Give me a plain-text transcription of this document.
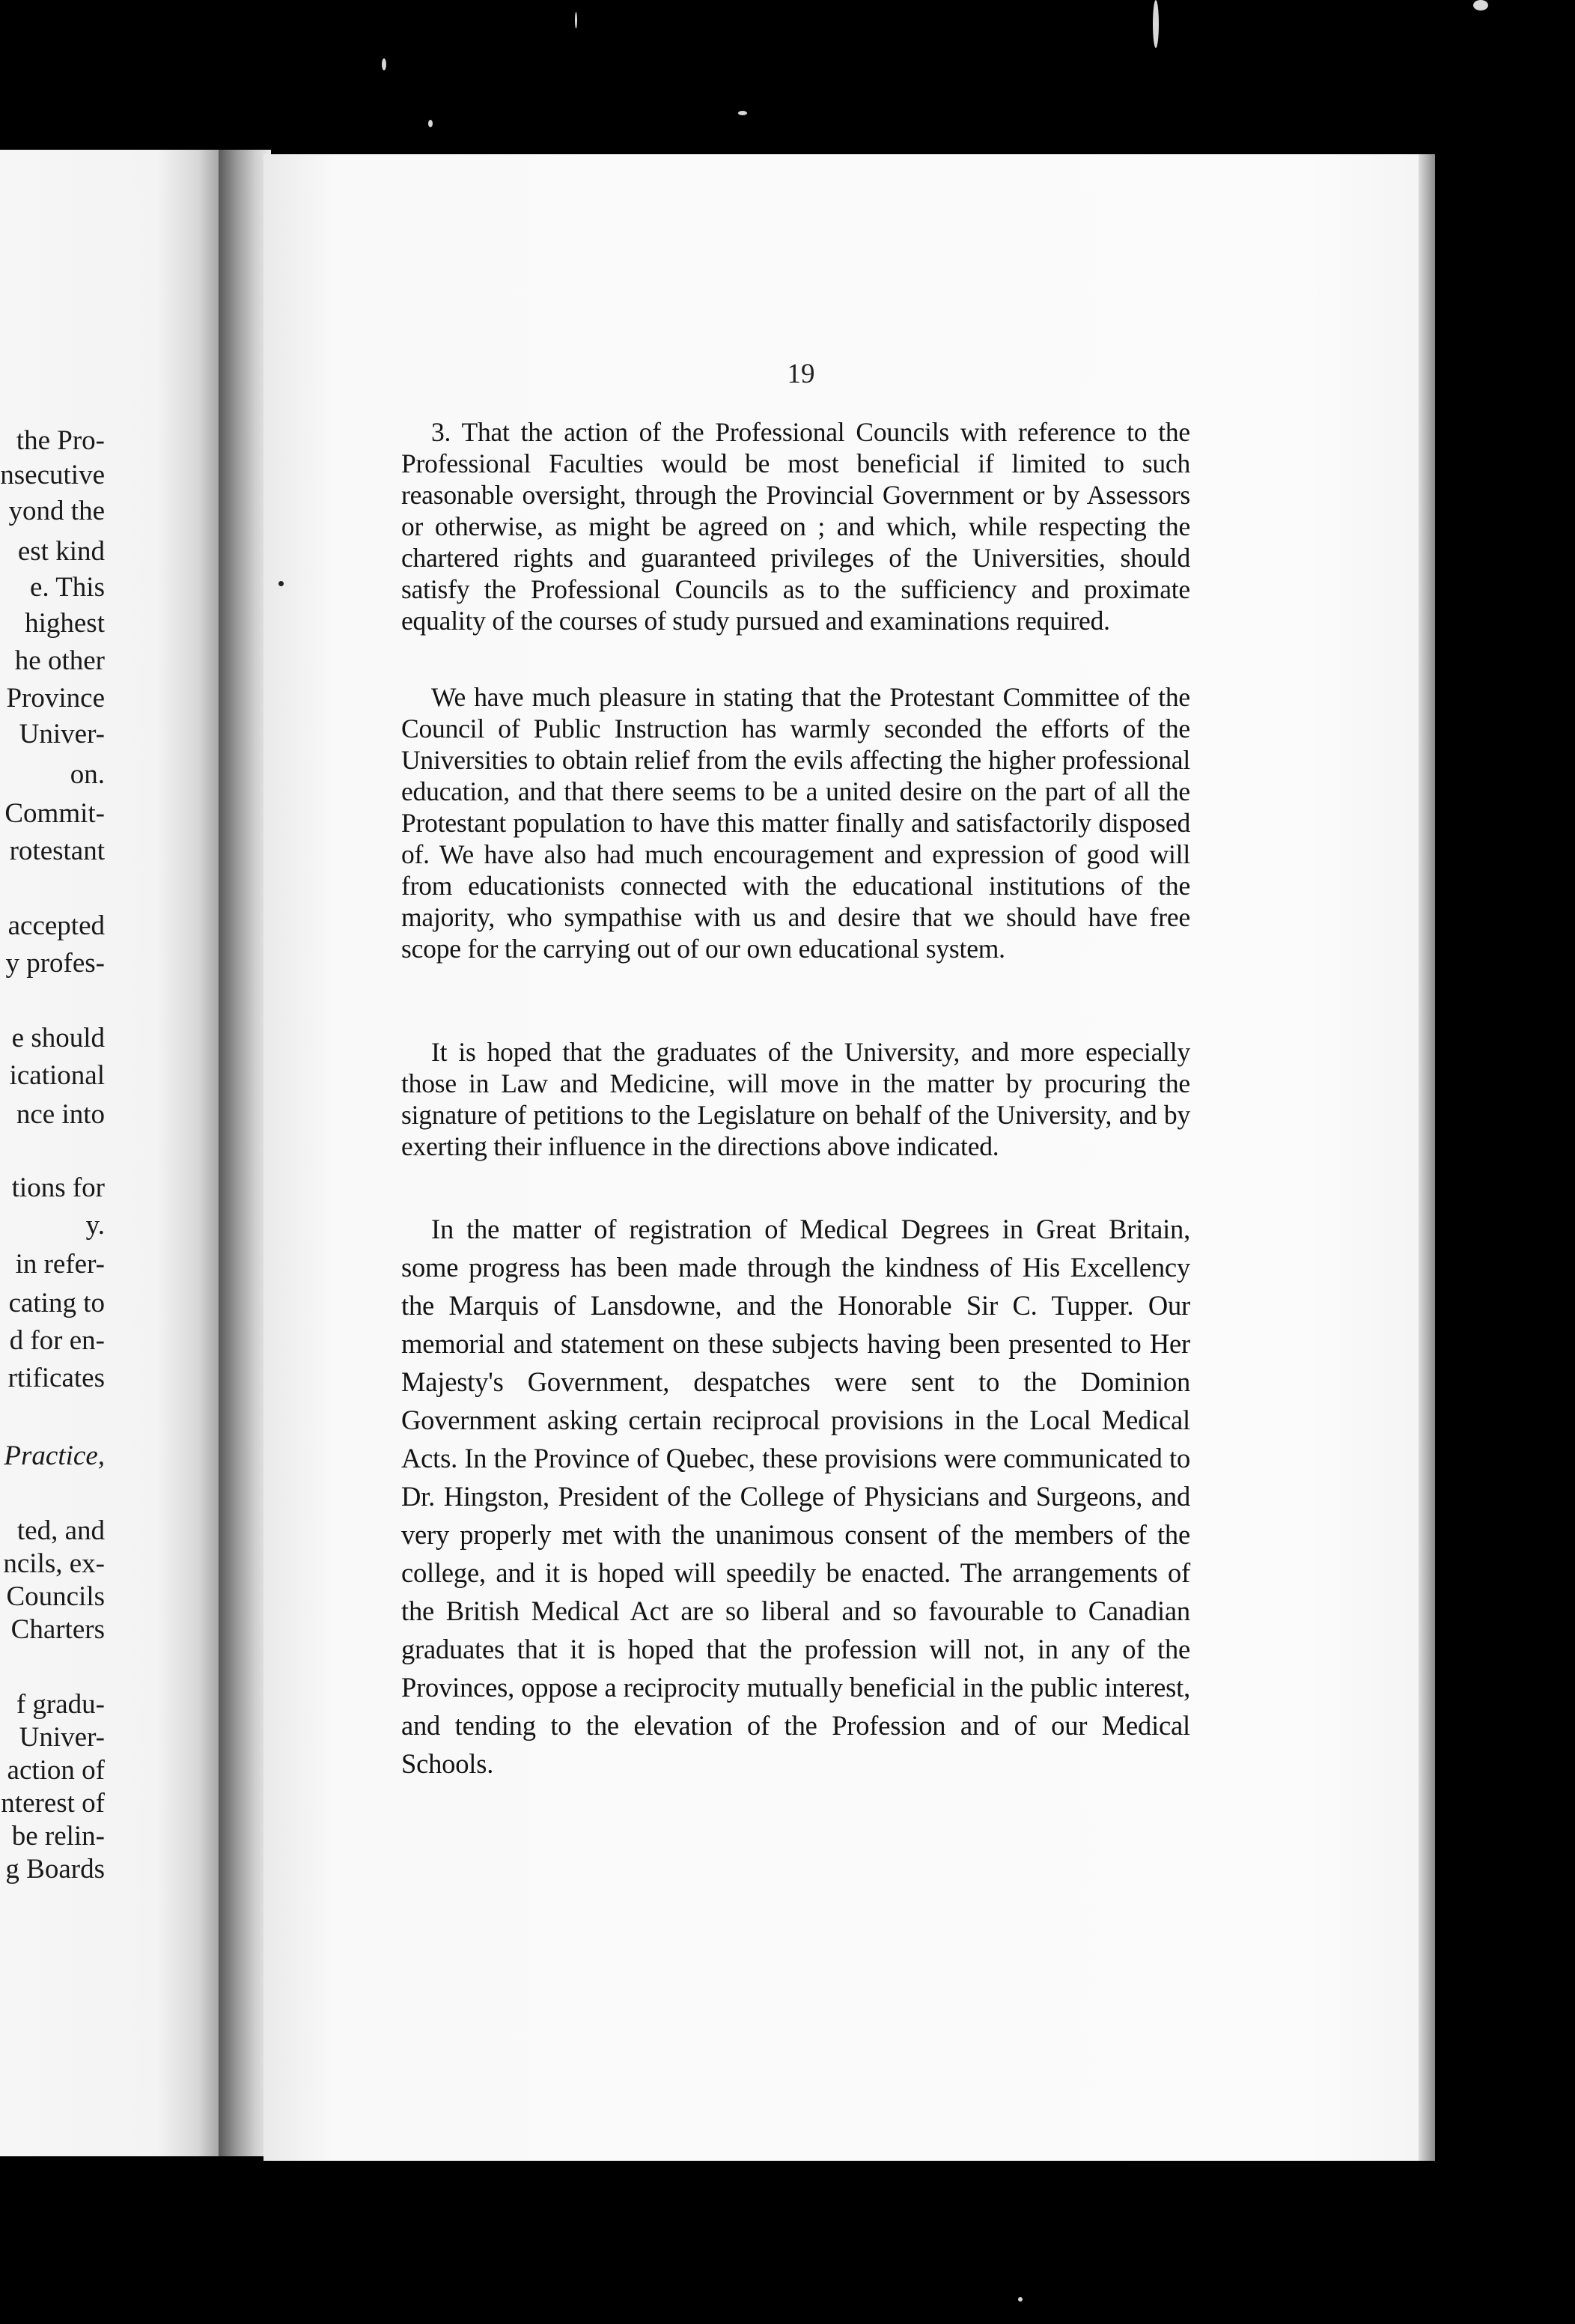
the Pro-
nsecutive
yond the
est kind
e. This
highest
he other
Province
Univer-
on.
Commit-
rotestant
accepted
y profes-
e should
icational
nce into
tions for
y.
in refer-
cating to
d for en-
rtificates
Practice,
ted, and
ncils, ex-
Councils
Charters
f gradu-
Univer-
action of
nterest of
be relin-
g Boards
19

3. That the action of the Professional Councils with reference to the Professional Faculties would be most beneficial if limited to such reasonable oversight, through the Provincial Government or by Assessors or otherwise, as might be agreed on ; and which, while respecting the chartered rights and guaranteed privileges of the Universities, should satisfy the Professional Councils as to the sufficiency and proximate equality of the courses of study pursued and examinations required.

We have much pleasure in stating that the Protestant Committee of the Council of Public Instruction has warmly seconded the efforts of the Universities to obtain relief from the evils affecting the higher professional education, and that there seems to be a united desire on the part of all the Protestant population to have this matter finally and satisfactorily disposed of. We have also had much encouragement and expression of good will from educationists connected with the educational institutions of the majority, who sympathise with us and desire that we should have free scope for the carrying out of our own educational system.

It is hoped that the graduates of the University, and more especially those in Law and Medicine, will move in the matter by procuring the signature of petitions to the Legislature on behalf of the University, and by exerting their influence in the directions above indicated.

In the matter of registration of Medical Degrees in Great Britain, some progress has been made through the kindness of His Excellency the Marquis of Lansdowne, and the Honorable Sir C. Tupper. Our memorial and statement on these subjects having been presented to Her Majesty's Government, despatches were sent to the Dominion Government asking certain reciprocal provisions in the Local Medical Acts. In the Province of Quebec, these provisions were communicated to Dr. Hingston, President of the College of Physicians and Surgeons, and very properly met with the unanimous consent of the members of the college, and it is hoped will speedily be enacted. The arrangements of the British Medical Act are so liberal and so favourable to Canadian graduates that it is hoped that the profession will not, in any of the Provinces, oppose a reciprocity mutually beneficial in the public interest, and tending to the elevation of the Profession and of our Medical Schools.
